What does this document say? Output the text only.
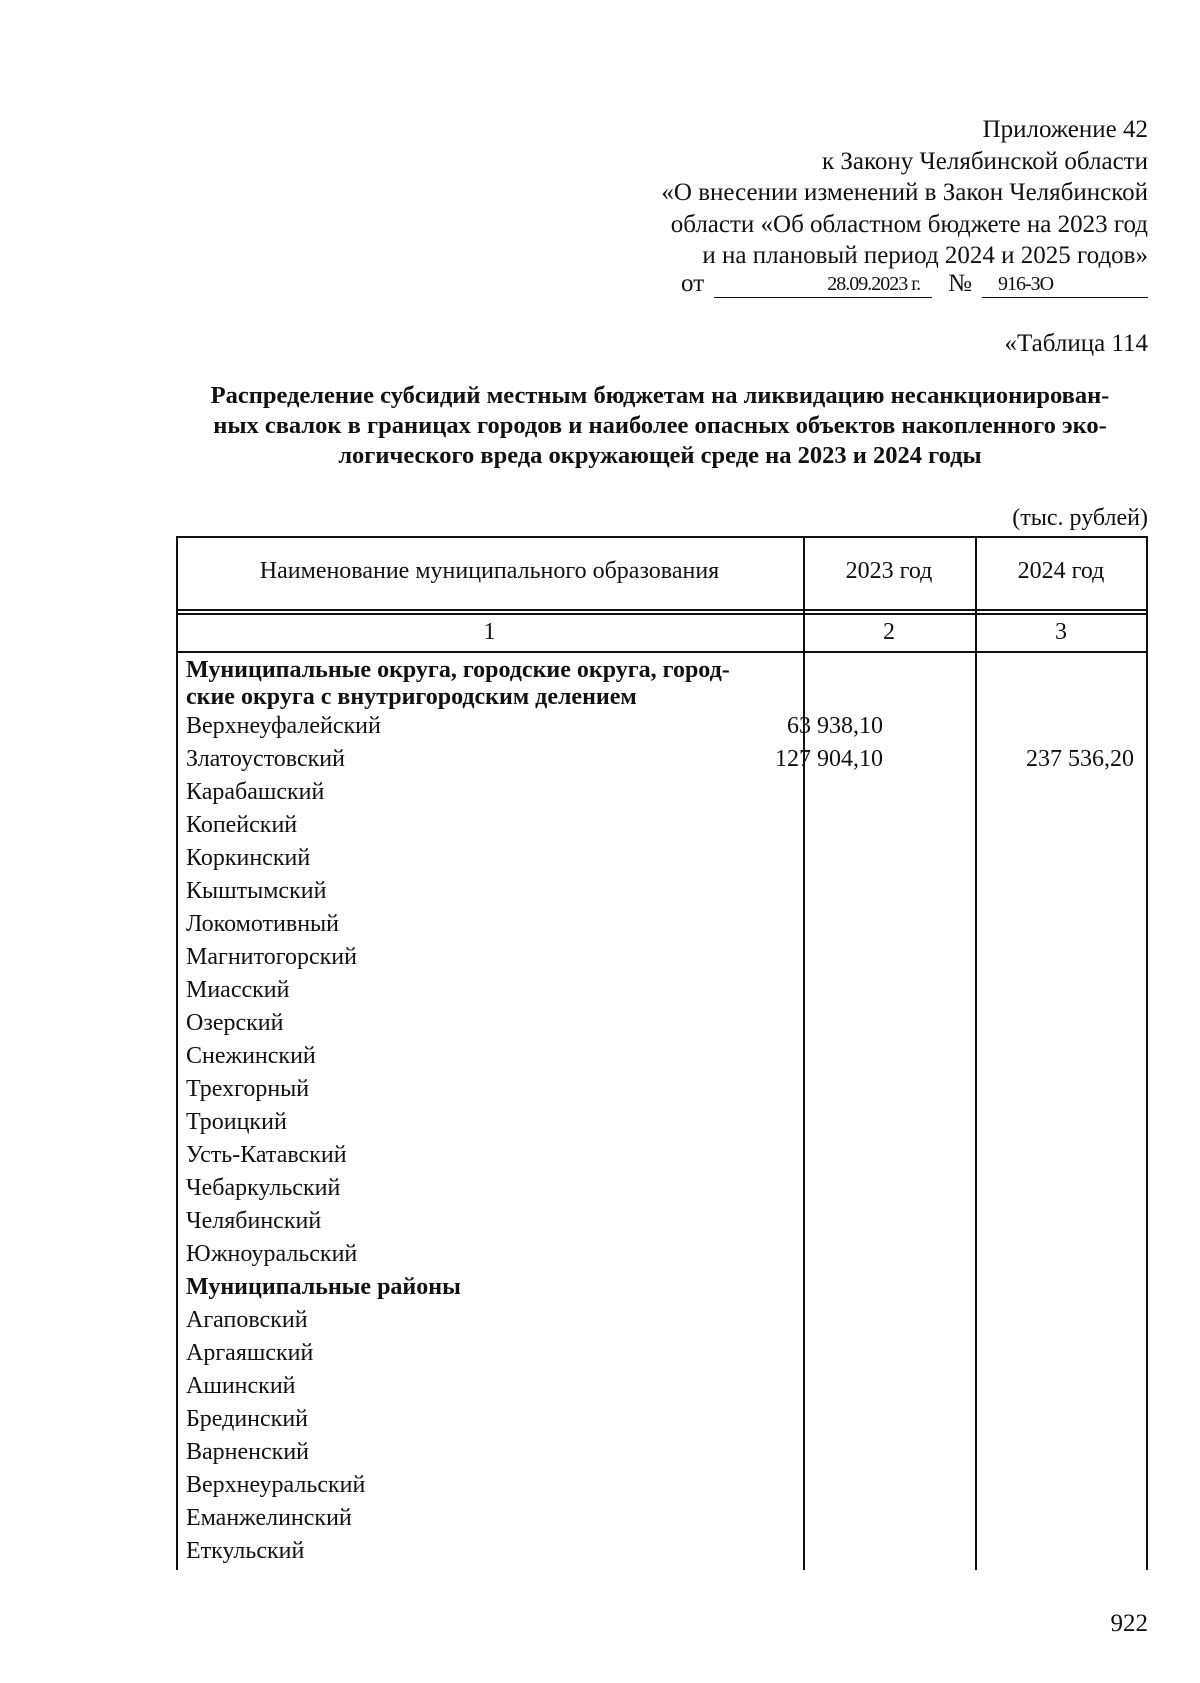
Приложение 42
к Закону Челябинской области
«О внесении изменений в Закон Челябинской
области «Об областном бюджете на 2023 год
и на плановый период 2024 и 2025 годов»
от	28.09.2023 г.	№	916-ЗО
«Таблица 114
Распределение субсидий местным бюджетам на ликвидацию несанкционирован-
ных свалок в границах городов и наиболее опасных объектов накопленного эко-
логического вреда окружающей среде на 2023 и 2024 годы
(тыс. рублей)
Наименование муниципального образования	2023 год	2024 год
1	2	3
Муниципальные округа, городские округа, город-
ские округа с внутригородским делением
Верхнеуфалейский	63 938,10
Златоустовский	127 904,10	237 536,20
Карабашский
Копейский
Коркинский
Кыштымский
Локомотивный
Магнитогорский
Миасский
Озерский
Снежинский
Трехгорный
Троицкий
Усть-Катавский
Чебаркульский
Челябинский
Южноуральский
Муниципальные районы
Агаповский
Аргаяшский
Ашинский
Брединский
Варненский
Верхнеуральский
Еманжелинский
Еткульский
922
